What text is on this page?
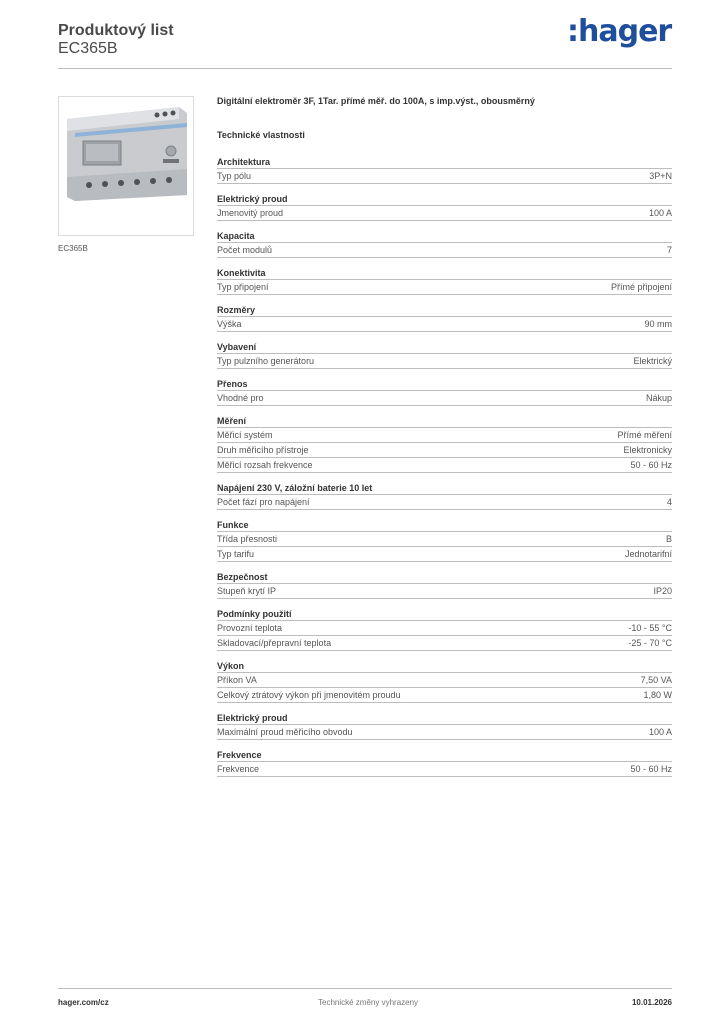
Produktový list
EC365B	:hager
EC365B
Digitální elektroměr 3F, 1Tar. přímé měř. do 100A, s imp.výst., obousměrný
Technické vlastnosti
Architektura
Typ pólu	3P+N
Elektrický proud
Jmenovitý proud	100 A
Kapacita
Počet modulů	7
Konektivita
Typ připojení	Přímé připojení
Rozměry
Výška	90 mm
Vybavení
Typ pulzního generátoru	Elektrický
Přenos
Vhodné pro	Nákup
Měření
Měřicí systém	Přímé měření
Druh měřicího přístroje	Elektronicky
Měřicí rozsah frekvence	50 - 60 Hz
Napájení 230 V, záložní baterie 10 let
Počet fází pro napájení	4
Funkce
Třída přesnosti	B
Typ tarifu	Jednotarifní
Bezpečnost
Stupeň krytí IP	IP20
Podmínky použití
Provozní teplota	-10 - 55 °C
Skladovací/přepravní teplota	-25 - 70 °C
Výkon
Příkon VA	7,50 VA
Celkový ztrátový výkon při jmenovitém proudu	1,80 W
Elektrický proud
Maximální proud měřicího obvodu	100 A
Frekvence
Frekvence	50 - 60 Hz
hager.com/cz	Technické změny vyhrazeny	10.01.2026
